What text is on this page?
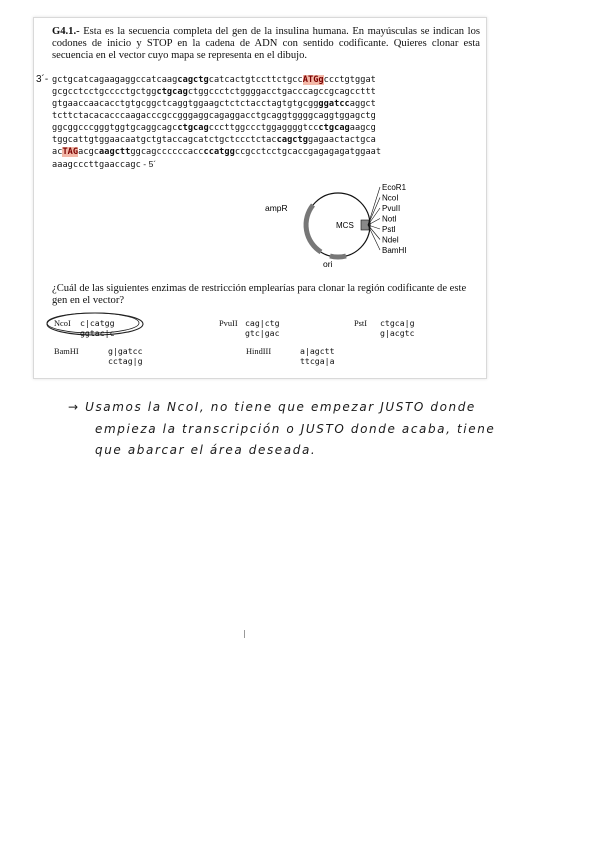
G4.1.- Esta es la secuencia completa del gen de la insulina humana. En mayúsculas se indican los codones de inicio y STOP en la cadena de ADN con sentido codificante. Quieres clonar esta secuencia en el vector cuyo mapa se representa en el dibujo.
3´- gctgcatcagaagaggccatcaagcagctgcatcactgtccttctgccATGgccctgtggat
gcgcctcctgcccctgctggctgcagctggccctctggggacctgacccagccgcagccttt
gtgaaccaacacctgtgcggctcaggtggaagctctctacctagtgtgcggggatccaggct
tcttctacacacccaagacccgccgggaggcagaggacctgcaggtggggcaggtggagctg
ggcggcccgggtggtgcaggcagcctgcagcccttggccctggaggggtccctgcagaagcg
tggcattgtggaacaatgctgtaccagcatctgctccctctaccagctggagaactactgca
acTAGacgcaagcttggcagccccccaccccatggccgcctcctgcaccgagagagatggaat
aaagcccttgaaccagc - 5´
ampR
ori
MCS
EcoR1
NcoI
PvuII
NotI
PstI
NdeI
BamHI
¿Cuál de las siguientes enzimas de restricción emplearías para clonar la región codificante de este gen en el vector?
NcoI c|catgg
ggtac|c
PvuII cag|ctg
gtc|gac
PstI ctgca|g
g|acgtc
BamHI	g|gatcc
cctag|g
HindIII	a|agctt
ttcga|a
→ Usamos la NcoI, no tiene que empezar JUSTO donde
empieza la transcripción o JUSTO donde acaba, tiene
que abarcar el área deseada.
